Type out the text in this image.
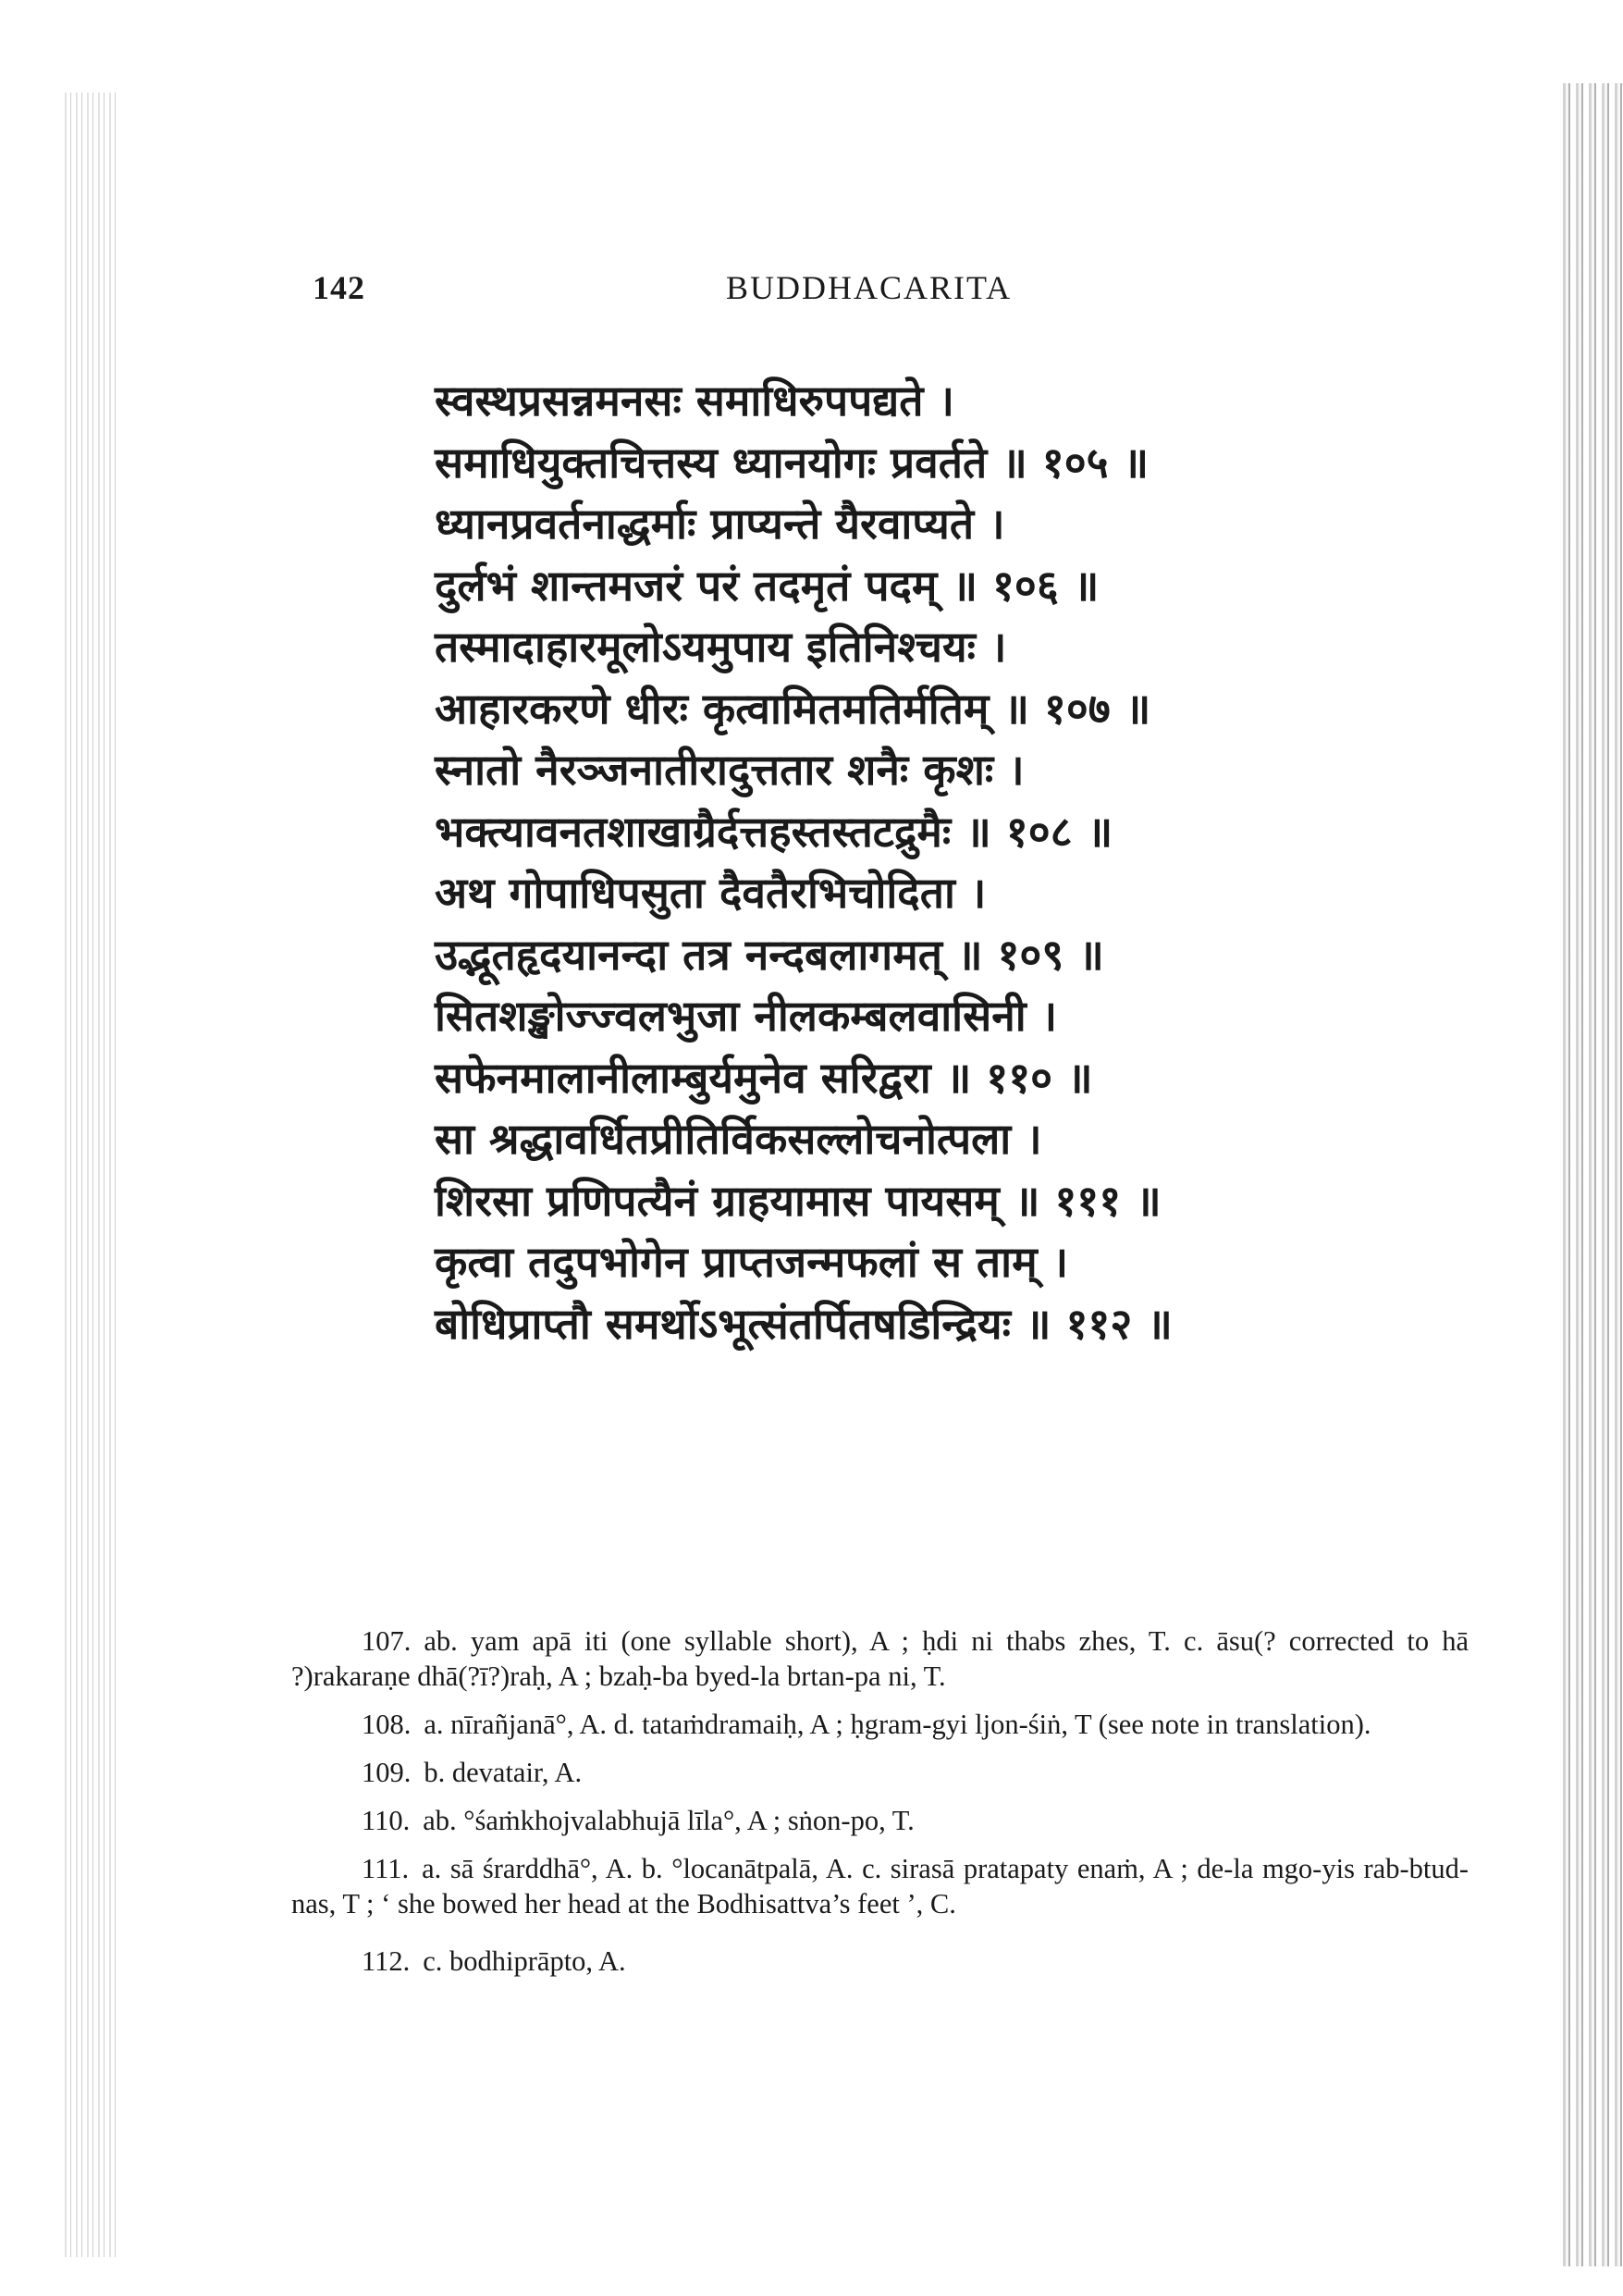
142	BUDDHACARITA
स्वस्थप्रसन्नमनसः समाधिरुपपद्यते ।
समाधियुक्तचित्तस्य ध्यानयोगः प्रवर्तते ॥ १०५ ॥
ध्यानप्रवर्तनाद्धर्माः प्राप्यन्ते यैरवाप्यते ।
दुर्लभं शान्तमजरं परं तदमृतं पदम् ॥ १०६ ॥
तस्मादाहारमूलोऽयमुपाय इतिनिश्चयः ।
आहारकरणे धीरः कृत्वामितमतिर्मतिम् ॥ १०७ ॥
स्नातो नैरञ्जनातीरादुत्ततार शनैः कृशः ।
भक्त्यावनतशाखाग्रैर्दत्तहस्तस्तटद्रुमैः ॥ १०८ ॥
अथ गोपाधिपसुता दैवतैरभिचोदिता ।
उद्भूतहृदयानन्दा तत्र नन्दबलागमत् ॥ १०९ ॥
सितशङ्खोज्ज्वलभुजा नीलकम्बलवासिनी ।
सफेनमालानीलाम्बुर्यमुनेव सरिद्वरा ॥ ११० ॥
सा श्रद्धावर्धितप्रीतिर्विकसल्लोचनोत्पला ।
शिरसा प्रणिपत्यैनं ग्राहयामास पायसम् ॥ १११ ॥
कृत्वा तदुपभोगेन प्राप्तजन्मफलां स ताम् ।
बोधिप्राप्तौ समर्थोऽभूत्संतर्पितषडिन्द्रियः ॥ ११२ ॥

107. ab. yam apā iti (one syllable short), A ; ḥdi ni thabs zhes, T. c. āsu(? corrected to hā ?)rakaraṇe dhā(?ī?)raḥ, A ; bzaḥ-ba byed-la brtan-pa ni, T.

108. a. nīrañjanā°, A. d. tataṁdramaiḥ, A ; ḥgram-gyi ljon-śiṅ, T (see note in translation).

109. b. devatair, A.

110. ab. °śaṁkhojvalabhujā līla°, A ; sṅon-po, T.

111. a. sā śrarddhā°, A. b. °locanātpalā, A. c. sirasā pratapaty enaṁ, A ; de-la mgo-yis rab-btud-nas, T ; ‘ she bowed her head at the Bodhisattva’s feet ’, C.

112. c. bodhiprāpto, A.
